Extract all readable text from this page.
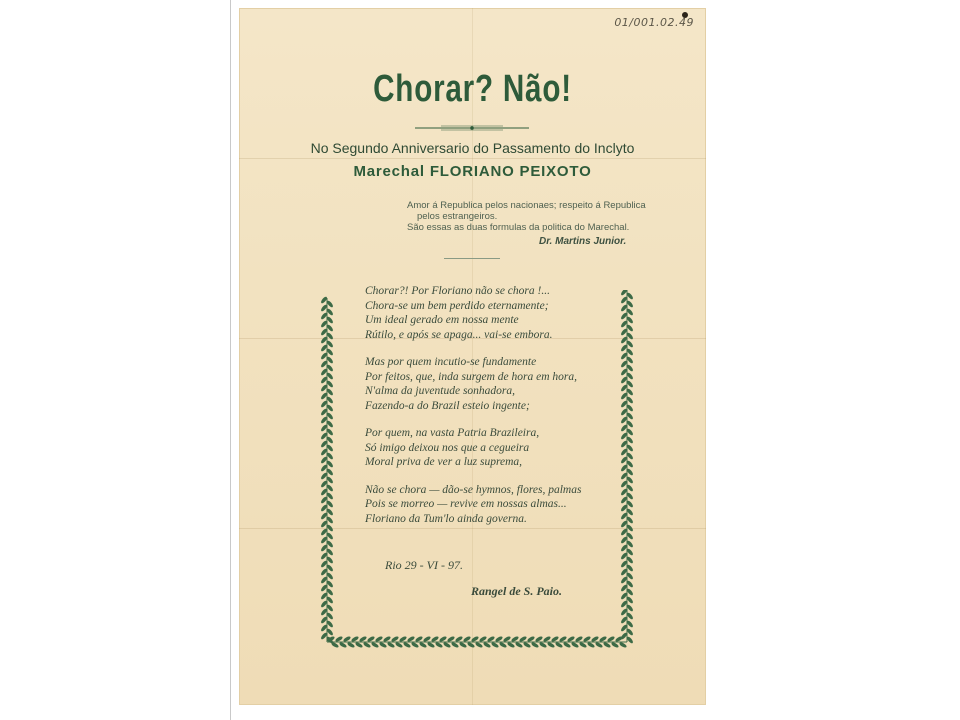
01/001.02.49
Chorar? Não!
No Segundo Anniversario do Passamento do Inclyto
Marechal FLORIANO PEIXOTO
Amor á Republica pelos nacionaes; respeito á Republica
pelos estrangeiros.
São essas as duas formulas da politica do Marechal.
Dr. Martins Junior.
Chorar?! Por Floriano não se chora !...
Chora-se um bem perdido eternamente;
Um ideal gerado em nossa mente
Rútilo, e após se apaga... vai-se embora.
Mas por quem incutio-se fundamente
Por feitos, que, inda surgem de hora em hora,
N'alma da juventude sonhadora,
Fazendo-a do Brazil esteio ingente;
Por quem, na vasta Patria Brazileira,
Só imigo deixou nos que a cegueira
Moral priva de ver a luz suprema,
Não se chora — dão-se hymnos, flores, palmas
Pois se morreo — revive em nossas almas...
Floriano da Tum'lo ainda governa.
Rio 29 - VI - 97.
Rangel de S. Paio.
